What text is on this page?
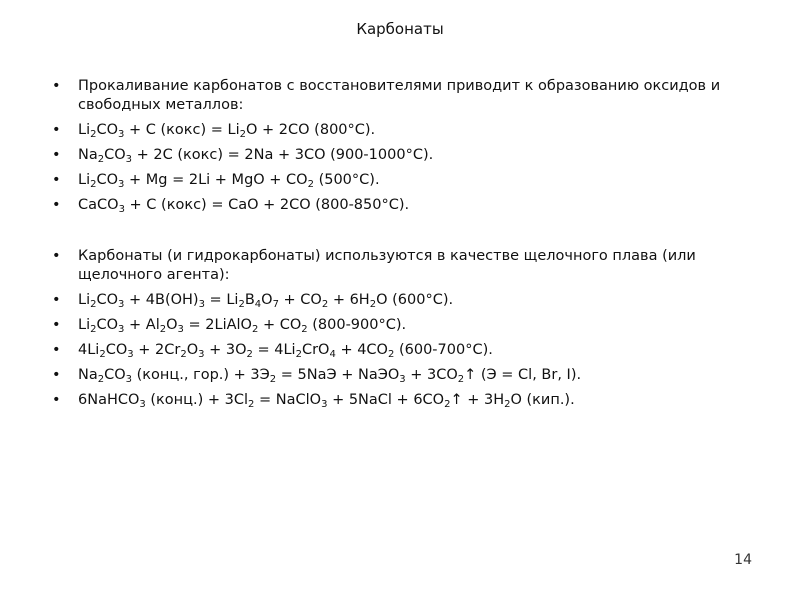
Карбонаты
• Прокаливание карбонатов с восстановителями приводит к образованию оксидов и свободных металлов:
• $Li_2CO_3 + C$ (кокс) = $Li_2O + 2CO$ (800°C).
• $Na_2CO_3 + 2C$ (кокс) = 2Na + 3CO (900-1000°C).
• $Li_2CO_3 + Mg = 2Li$ + MgO + $CO_2$ (500°C).
• CaCO$_3$ + C (кокс) = CaO + 2CO (800-850°C).
• Карбонаты (и гидрокарбонаты) используются в качестве щелочного плава (или щелочного агента):
• $Li_2CO_3 + 4B(OH)_3 = Li_2B_4O_7 + CO_2 + 6H_2O$ (600°C).
• $Li_2CO_3 + Al_2O_3$ = 2LiAlO$_2$ + $CO_2$ (800-900°C).
• $4Li_2CO_3 + 2Cr_2O_3 + 3O_2 = 4Li_2CrO_4 + 4CO_2$ (600-700°C).
• $Na_2CO_3$ (конц., $гор.) + 3Э_2 = 5NaЭ$ + NaЭO$_3$ + $3CO_2↑$ (Э = Cl, Br, I).
• 6NaHCO$_3$ (конц.) + $3Cl_2$ = NaClO$_3$ + 5NaCl + $6CO_2↑ + 3H_2O$ (кип.).
14
